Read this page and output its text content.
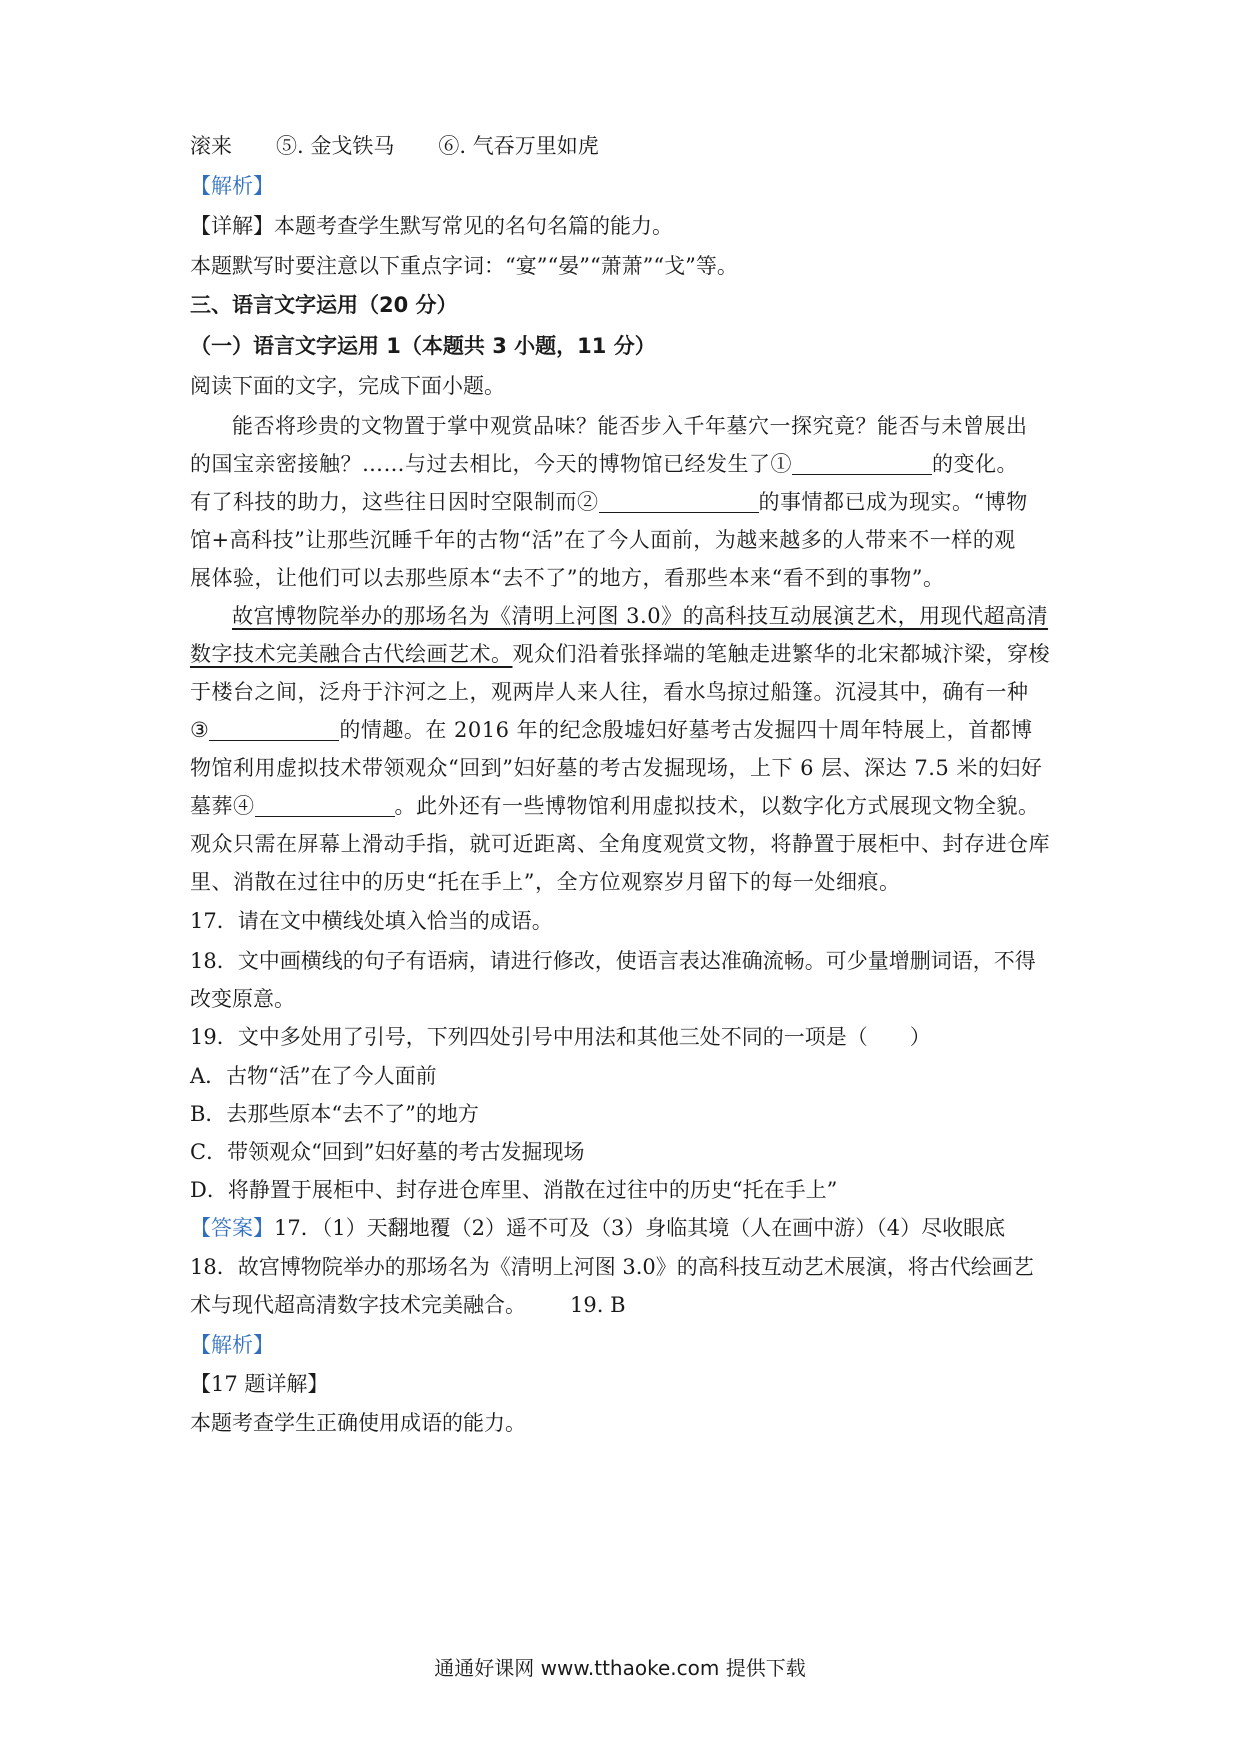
滚来 ⑤. 金戈铁马 ⑥. 气吞万里如虎
【解析】
【详解】本题考查学生默写常见的名句名篇的能力。
本题默写时要注意以下重点字词：“宴”“晏”“萧萧”“戈”等。
三、语言文字运用（20 分）
（一）语言文字运用 1（本题共 3 小题，11 分）
阅读下面的文字，完成下面小题。
能否将珍贵的文物置于掌中观赏品味？能否步入千年墓穴一探究竟？能否与未曾展出
的国宝亲密接触？……与过去相比，今天的博物馆已经发生了①	的变化。
有了科技的助力，这些往日因时空限制而②	的事情都已成为现实。“博物
馆+高科技”让那些沉睡千年的古物“活”在了今人面前，为越来越多的人带来不一样的观
展体验，让他们可以去那些原本“去不了”的地方，看那些本来“看不到的事物”。
故宫博物院举办的那场名为《清明上河图 3.0》的高科技互动展演艺术，用现代超高清
数字技术完美融合古代绘画艺术。观众们沿着张择端的笔触走进繁华的北宋都城汴梁，穿梭
于楼台之间，泛舟于汴河之上，观两岸人来人往，看水鸟掠过船篷。沉浸其中，确有一种
③	的情趣。在 2016 年的纪念殷墟妇好墓考古发掘四十周年特展上，首都博
物馆利用虚拟技术带领观众“回到”妇好墓的考古发掘现场，上下 6 层、深达 7.5 米的妇好
墓葬④	。此外还有一些博物馆利用虚拟技术，以数字化方式展现文物全貌。
观众只需在屏幕上滑动手指，就可近距离、全角度观赏文物，将静置于展柜中、封存进仓库
里、消散在过往中的历史“托在手上”，全方位观察岁月留下的每一处细痕。
17．请在文中横线处填入恰当的成语。
18．文中画横线的句子有语病，请进行修改，使语言表达准确流畅。可少量增删词语，不得
改变原意。
19．文中多处用了引号，下列四处引号中用法和其他三处不同的一项是（　　）
A．古物“活”在了今人面前
B．去那些原本“去不了”的地方
C．带领观众“回到”妇好墓的考古发掘现场
D．将静置于展柜中、封存进仓库里、消散在过往中的历史“托在手上”
【答案】17．（1）天翻地覆（2）遥不可及（3）身临其境（人在画中游）（4）尽收眼底
18．故宫博物院举办的那场名为《清明上河图 3.0》的高科技互动艺术展演，将古代绘画艺
术与现代超高清数字技术完美融合。 19. B
【解析】
【17 题详解】
本题考查学生正确使用成语的能力。
通通好课网 www.tthaoke.com 提供下载
